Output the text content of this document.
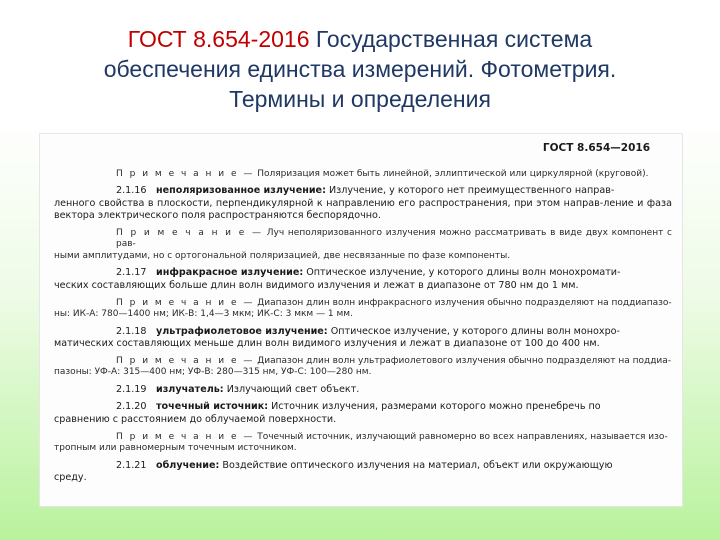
ГОСТ 8.654-2016 Государственная система
обеспечения единства измерений. Фотометрия.
Термины и определения
ГОСТ 8.654—2016

П р и м е ч а н и е — Поляризация может быть линейной, эллиптической или циркулярной (круговой).

2.1.16 неполяризованное излучение: Излучение, у которого нет преимущественного направ-
ленного свойства в плоскости, перпендикулярной к направлению его распространения, при этом направ-ление и фаза вектора электрического поля распространяются беспорядочно.

П р и м е ч а н и е — Луч неполяризованного излучения можно рассматривать в виде двух компонент с рав-
ными амплитудами, но с ортогональной поляризацией, две несвязанные по фазе компоненты.

2.1.17 инфракрасное излучение: Оптическое излучение, у которого длины волн монохромати-
ческих составляющих больше длин волн видимого излучения и лежат в диапазоне от 780 нм до 1 мм.

П р и м е ч а н и е — Диапазон длин волн инфракрасного излучения обычно подразделяют на поддиапазо-
ны: ИК-А: 780—1400 нм; ИК-В: 1,4—3 мкм; ИК-С: 3 мкм — 1 мм.

2.1.18 ультрафиолетовое излучение: Оптическое излучение, у которого длины волн монохро-
матических составляющих меньше длин волн видимого излучения и лежат в диапазоне от 100 до 400 нм.

П р и м е ч а н и е — Диапазон длин волн ультрафиолетового излучения обычно подразделяют на поддиа-
пазоны: УФ-А: 315—400 нм; УФ-В: 280—315 нм, УФ-С: 100—280 нм.

2.1.19 излучатель: Излучающий свет объект.

2.1.20 точечный источник: Источник излучения, размерами которого можно пренебречь по
сравнению с расстоянием до облучаемой поверхности.

П р и м е ч а н и е — Точечный источник, излучающий равномерно во всех направлениях, называется изо-
тропным или равномерным точечным источником.

2.1.21 облучение: Воздействие оптического излучения на материал, объект или окружающую
среду.
